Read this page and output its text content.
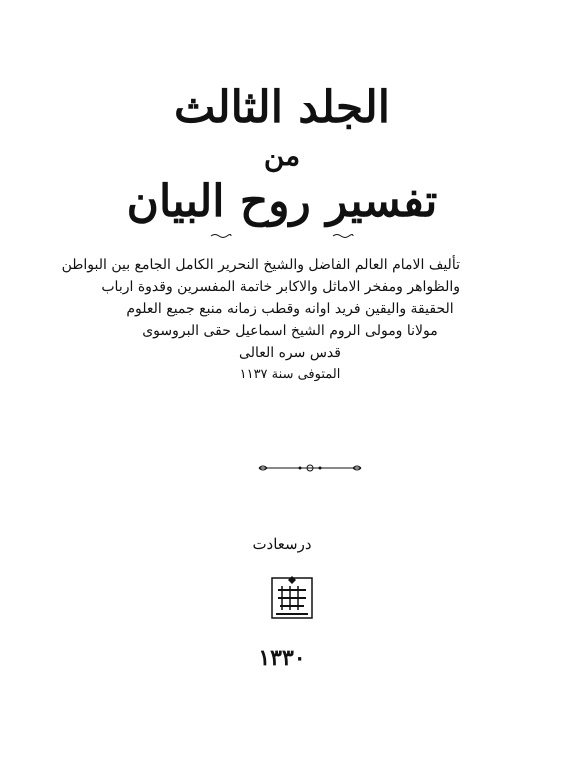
الجلد الثالث
من
تفسير روح البيان
تأليف الامام العالم الفاضل والشيخ النحرير الكامل الجامع بين البواطن
والظواهر ومفخر الاماثل والاكابر خاتمة المفسرين وقدوة ارباب
الحقيقة واليقين فريد اوانه وقطب زمانه منبع جميع العلوم
مولانا ومولى الروم الشيخ اسماعيل حقى البروسوى
قدس سره العالى
المتوفى سنة ١١٣٧
درسعادت
١٣٣٠
